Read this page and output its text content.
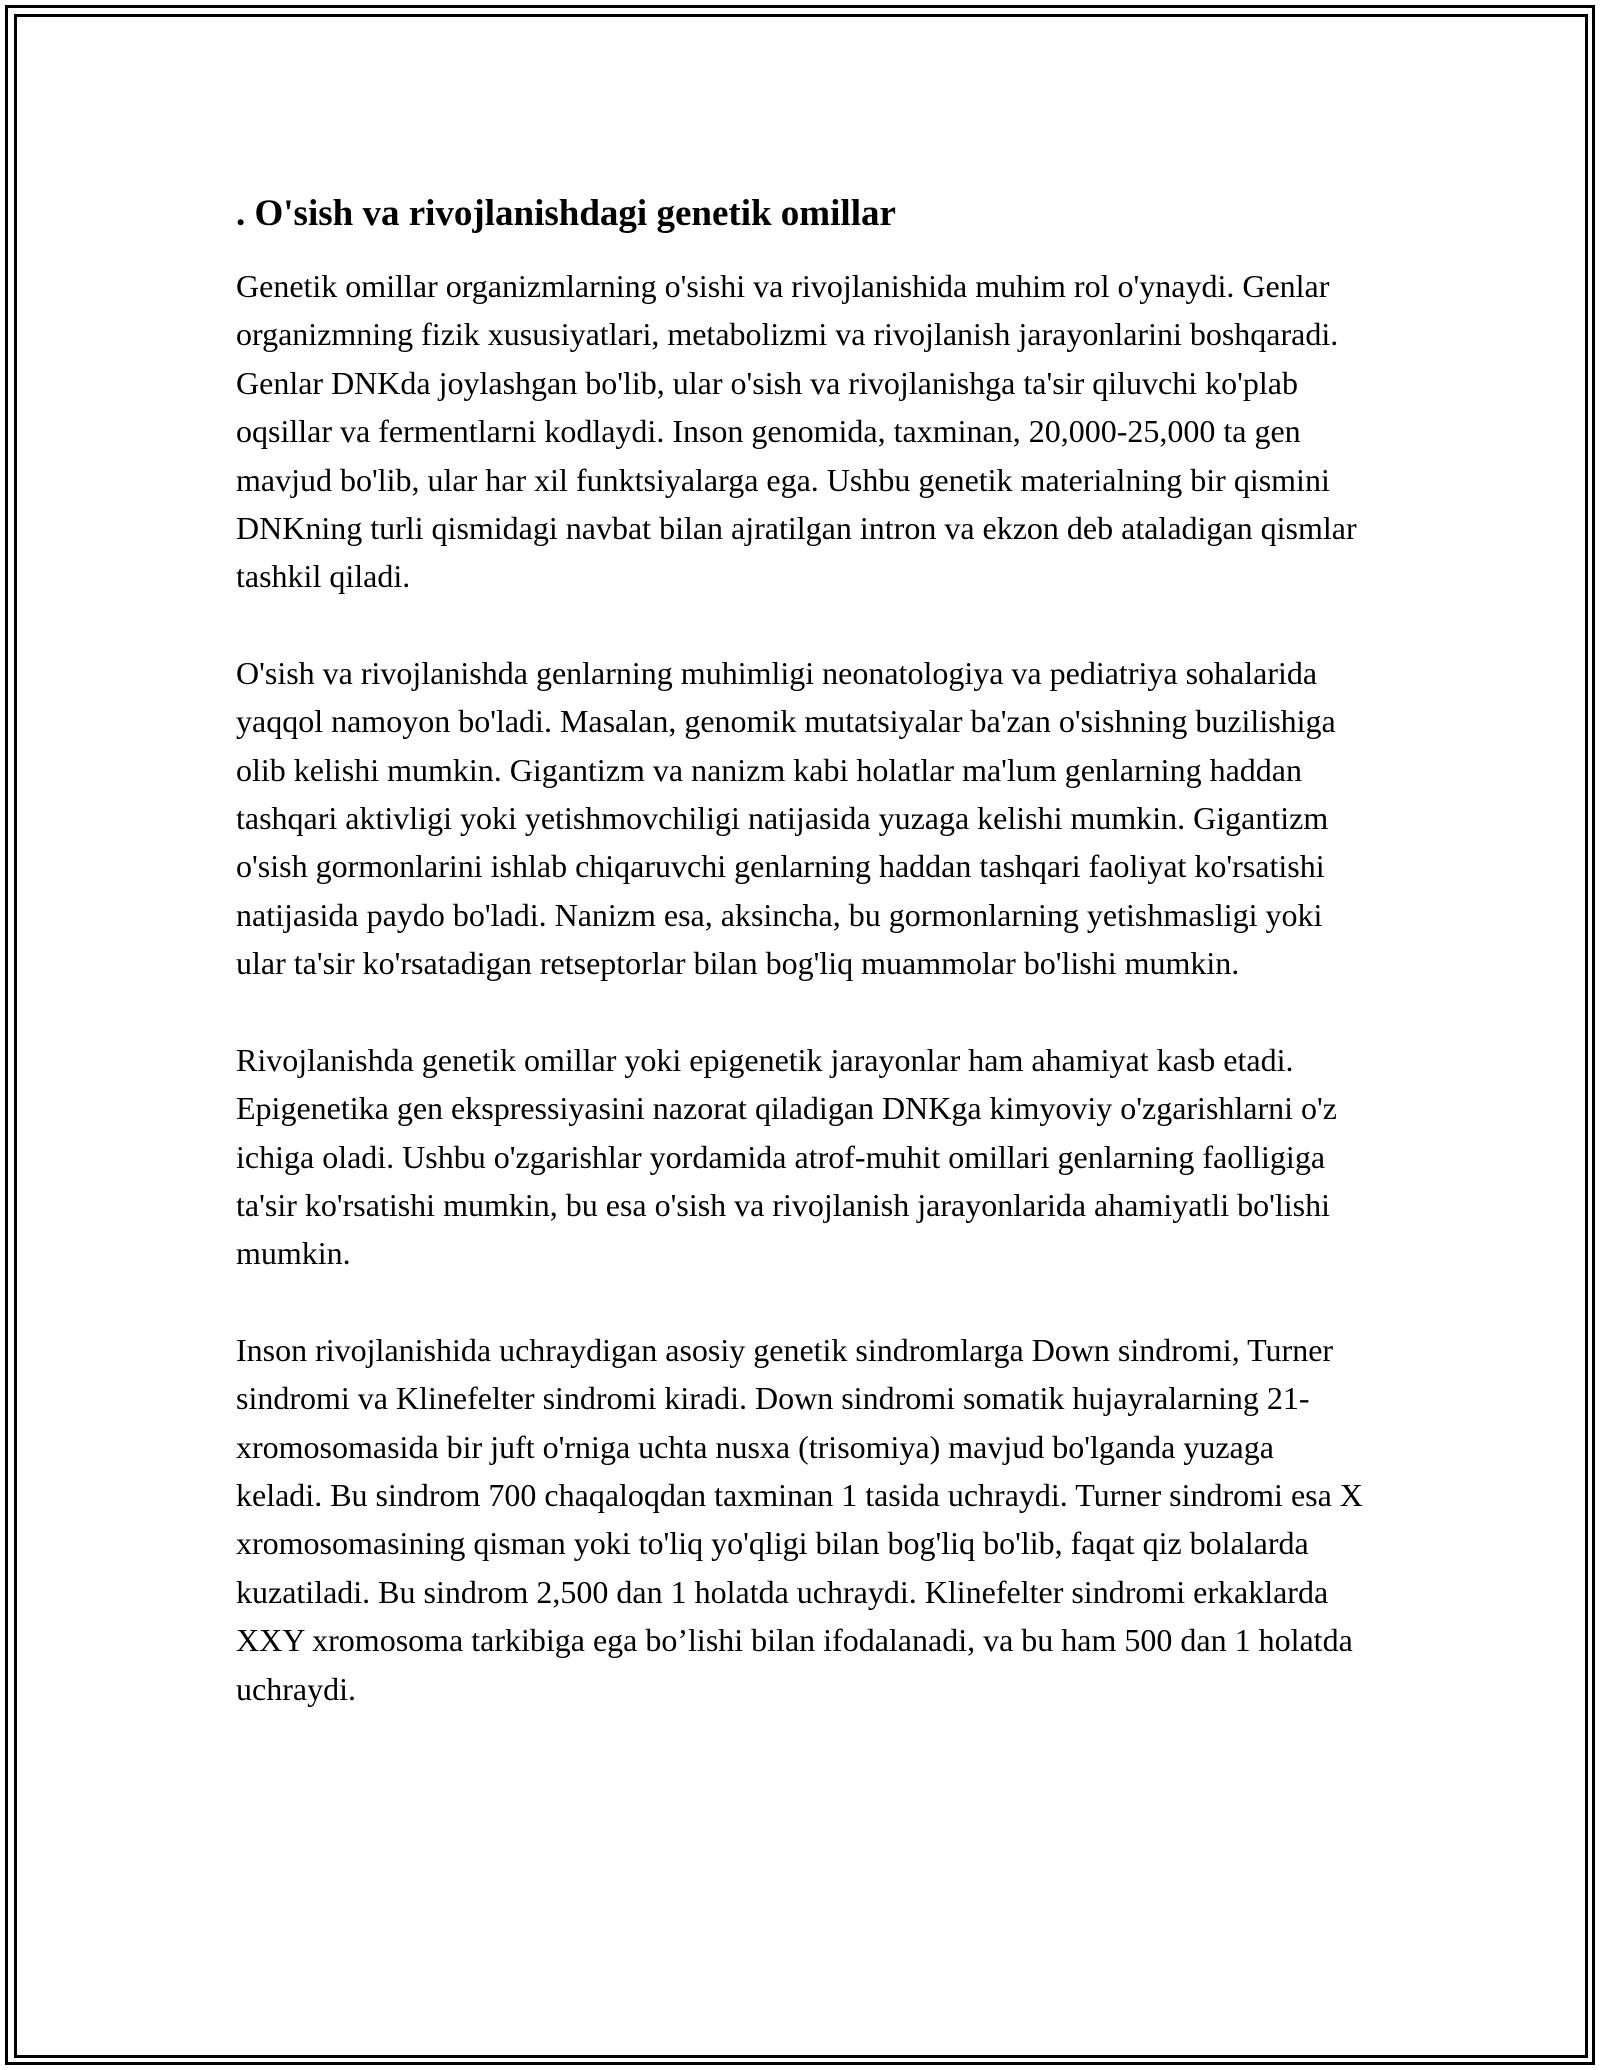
. O'sish va rivojlanishdagi genetik omillar

Genetik omillar organizmlarning o'sishi va rivojlanishida muhim rol o'ynaydi. Genlar organizmning fizik xususiyatlari, metabolizmi va rivojlanish jarayonlarini boshqaradi. Genlar DNKda joylashgan bo'lib, ular o'sish va rivojlanishga ta'sir qiluvchi ko'plab oqsillar va fermentlarni kodlaydi. Inson genomida, taxminan, 20,000-25,000 ta gen mavjud bo'lib, ular har xil funktsiyalarga ega. Ushbu genetik materialning bir qismini DNKning turli qismidagi navbat bilan ajratilgan intron va ekzon deb ataladigan qismlar tashkil qiladi.

O'sish va rivojlanishda genlarning muhimligi neonatologiya va pediatriya sohalarida yaqqol namoyon bo'ladi. Masalan, genomik mutatsiyalar ba'zan o'sishning buzilishiga olib kelishi mumkin. Gigantizm va nanizm kabi holatlar ma'lum genlarning haddan tashqari aktivligi yoki yetishmovchiligi natijasida yuzaga kelishi mumkin. Gigantizm o'sish gormonlarini ishlab chiqaruvchi genlarning haddan tashqari faoliyat ko'rsatishi natijasida paydo bo'ladi. Nanizm esa, aksincha, bu gormonlarning yetishmasligi yoki ular ta'sir ko'rsatadigan retseptorlar bilan bog'liq muammolar bo'lishi mumkin.

Rivojlanishda genetik omillar yoki epigenetik jarayonlar ham ahamiyat kasb etadi. Epigenetika gen ekspressiyasini nazorat qiladigan DNKga kimyoviy o'zgarishlarni o'z ichiga oladi. Ushbu o'zgarishlar yordamida atrof-muhit omillari genlarning faolligiga ta'sir ko'rsatishi mumkin, bu esa o'sish va rivojlanish jarayonlarida ahamiyatli bo'lishi mumkin.

Inson rivojlanishida uchraydigan asosiy genetik sindromlarga Down sindromi, Turner sindromi va Klinefelter sindromi kiradi. Down sindromi somatik hujayralarning 21-xromosomasida bir juft o'rniga uchta nusxa (trisomiya) mavjud bo'lganda yuzaga keladi. Bu sindrom 700 chaqaloqdan taxminan 1 tasida uchraydi. Turner sindromi esa X xromosomasining qisman yoki to'liq yo'qligi bilan bog'liq bo'lib, faqat qiz bolalarda kuzatiladi. Bu sindrom 2,500 dan 1 holatda uchraydi. Klinefelter sindromi erkaklarda XXY xromosoma tarkibiga ega bo’lishi bilan ifodalanadi, va bu ham 500 dan 1 holatda uchraydi.
